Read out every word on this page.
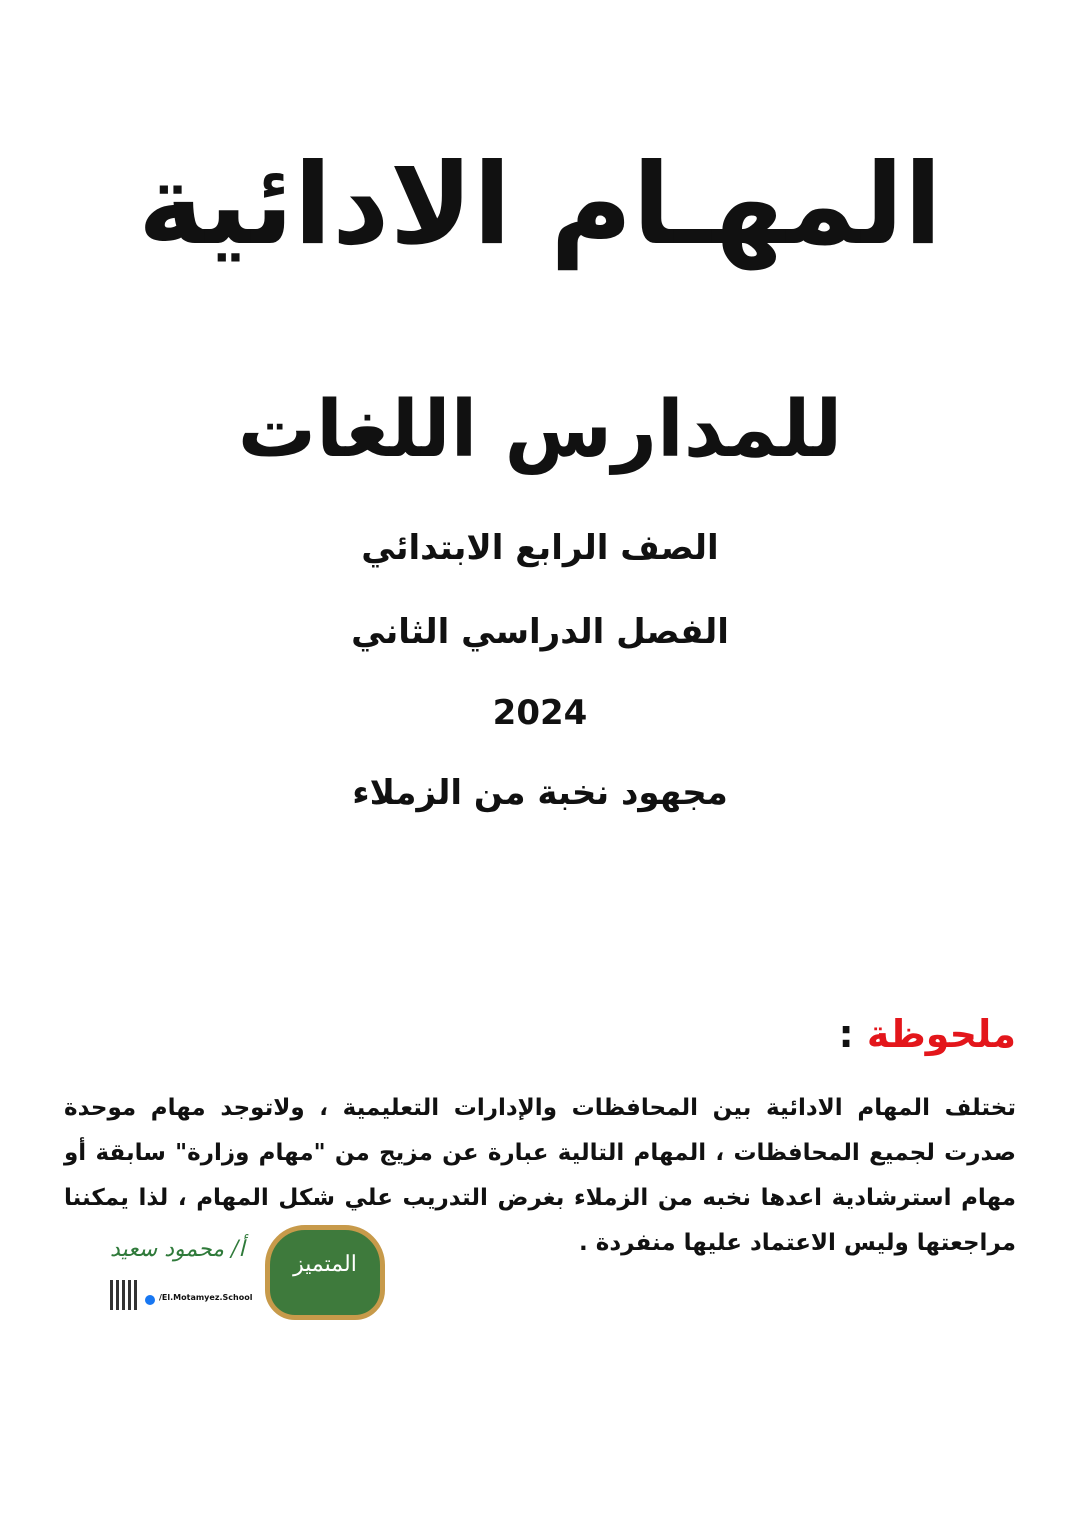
المهـام الادائية
للمدارس اللغات
الصف الرابع الابتدائي
الفصل الدراسي الثاني
2024
مجهود نخبة من الزملاء
ملحوظة :
تختلف المهام الادائية بين المحافظات والإدارات التعليمية ، ولاتوجد مهام موحدة صدرت لجميع المحافظات ، المهام التالية عبارة عن مزيج من "مهام وزارة" سابقة أو مهام استرشادية اعدها نخبه من الزملاء بغرض التدريب علي شكل المهام ، لذا يمكننا مراجعتها وليس الاعتماد عليها منفردة .
المتميز
أ/ محمود سعيد
/El.Motamyez.School
